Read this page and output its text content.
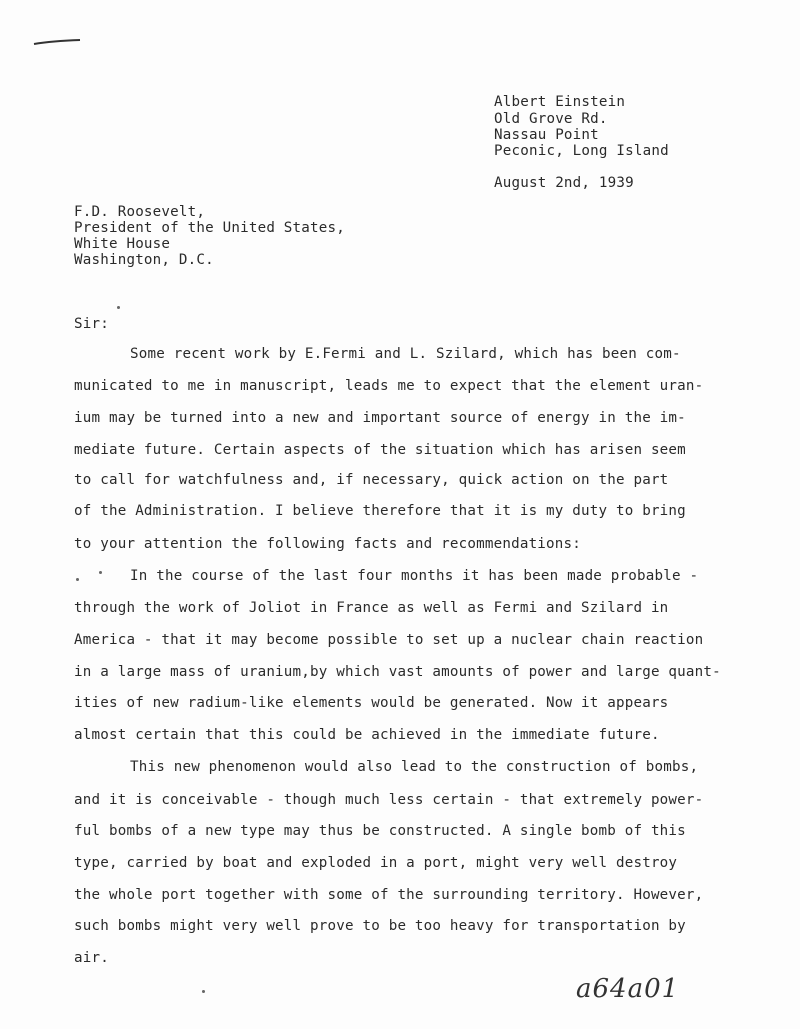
Albert Einstein
Old Grove Rd.
Nassau Point
Peconic, Long Island
August 2nd, 1939
F.D. Roosevelt,
President of the United States,
White House
Washington, D.C.
Sir:
Some recent work by E.Fermi and L. Szilard, which has been com-
municated to me in manuscript, leads me to expect that the element uran-
ium may be turned into a new and important source of energy in the im-
mediate future. Certain aspects of the situation which has arisen seem
to call for watchfulness and, if necessary, quick action on the part
of the Administration. I believe therefore that it is my duty to bring
to your attention the following facts and recommendations:
In the course of the last four months it has been made probable -
through the work of Joliot in France as well as Fermi and Szilard in
America - that it may become possible to set up a nuclear chain reaction
in a large mass of uranium,by which vast amounts of power and large quant-
ities of new radium-like elements would be generated. Now it appears
almost certain that this could be achieved in the immediate future.
This new phenomenon would also lead to the construction of bombs,
and it is conceivable - though much less certain - that extremely power-
ful bombs of a new type may thus be constructed. A single bomb of this
type, carried by boat and exploded in a port, might very well destroy
the whole port together with some of the surrounding territory. However,
such bombs might very well prove to be too heavy for transportation by
air.
a64a01
